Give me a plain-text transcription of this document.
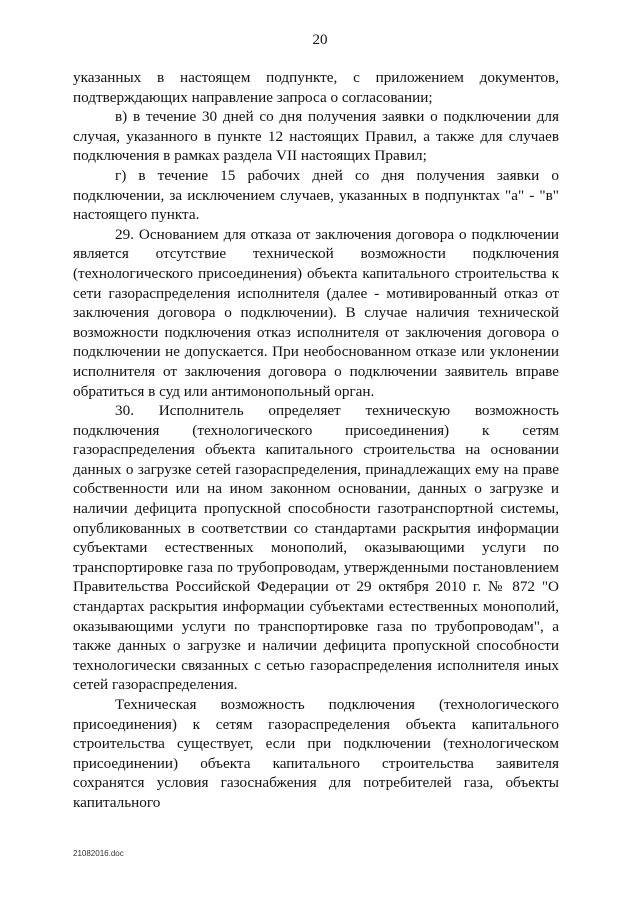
20

указанных в настоящем подпункте, с приложением документов, подтверждающих направление запроса о согласовании;

в) в течение 30 дней со дня получения заявки о подключении для случая, указанного в пункте 12 настоящих Правил, а также для случаев подключения в рамках раздела VII настоящих Правил;

г) в течение 15 рабочих дней со дня получения заявки о подключении, за исключением случаев, указанных в подпунктах "а" - "в" настоящего пункта.

29. Основанием для отказа от заключения договора о подключении является отсутствие технической возможности подключения (технологического присоединения) объекта капитального строительства к сети газораспределения исполнителя (далее - мотивированный отказ от заключения договора о подключении). В случае наличия технической возможности подключения отказ исполнителя от заключения договора о подключении не допускается. При необоснованном отказе или уклонении исполнителя от заключения договора о подключении заявитель вправе обратиться в суд или антимонопольный орган.

30. Исполнитель определяет техническую возможность подключения (технологического присоединения) к сетям газораспределения объекта капитального строительства на основании данных о загрузке сетей газораспределения, принадлежащих ему на праве собственности или на ином законном основании, данных о загрузке и наличии дефицита пропускной способности газотранспортной системы, опубликованных в соответствии со стандартами раскрытия информации субъектами естественных монополий, оказывающими услуги по транспортировке газа по трубопроводам, утвержденными постановлением Правительства Российской Федерации от 29 октября 2010 г. № 872 "О стандартах раскрытия информации субъектами естественных монополий, оказывающими услуги по транспортировке газа по трубопроводам", а также данных о загрузке и наличии дефицита пропускной способности технологически связанных с сетью газораспределения исполнителя иных сетей газораспределения.

Техническая возможность подключения (технологического присоединения) к сетям газораспределения объекта капитального строительства существует, если при подключении (технологическом присоединении) объекта капитального строительства заявителя сохранятся условия газоснабжения для потребителей газа, объекты капитального

21082016.doc
